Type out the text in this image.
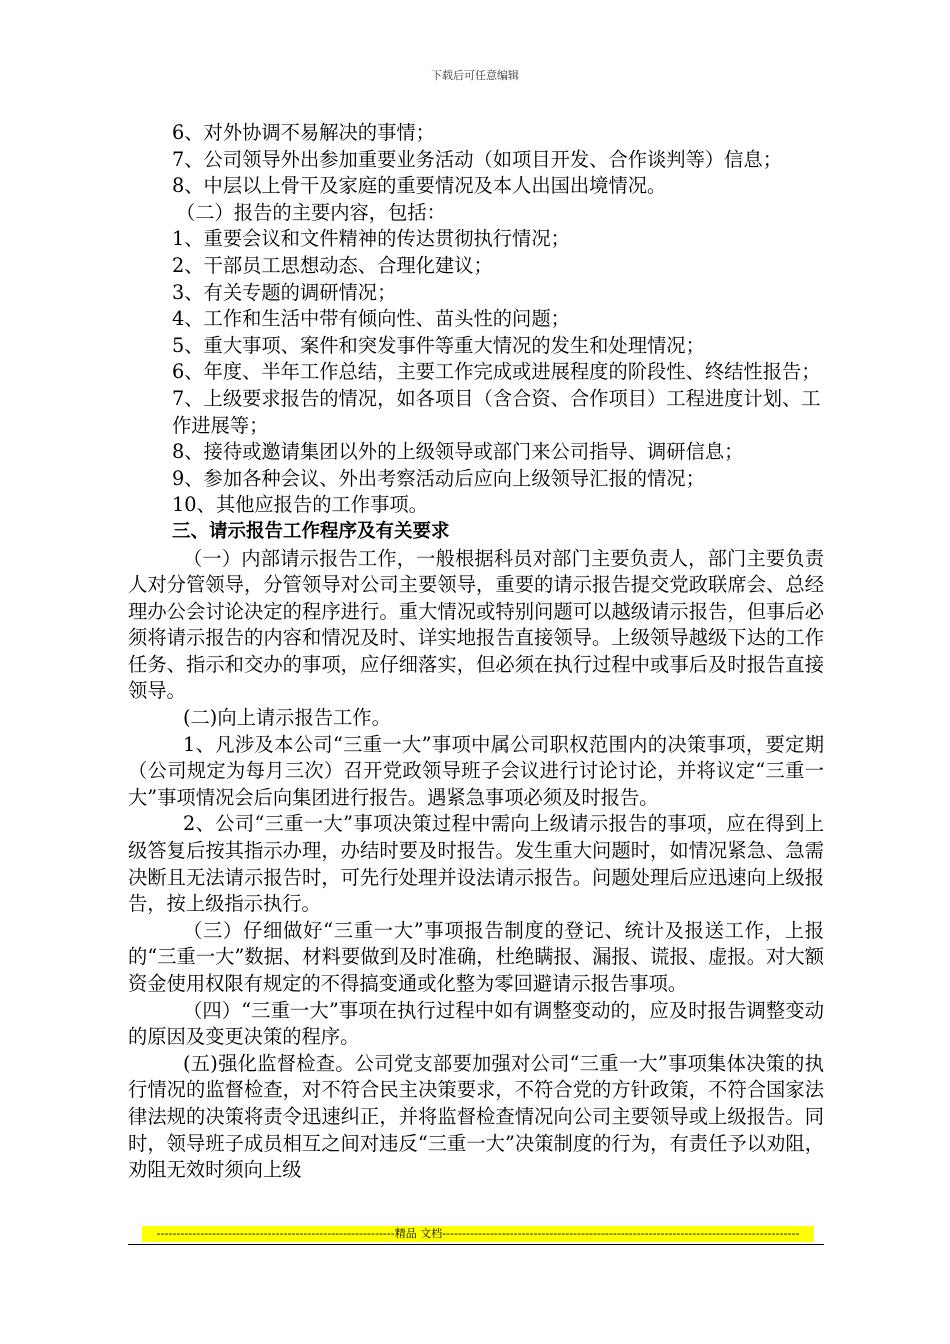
下载后可任意编辑
6、对外协调不易解决的事情；
7、公司领导外出参加重要业务活动（如项目开发、合作谈判等）信息；
8、中层以上骨干及家庭的重要情况及本人出国出境情况。
（二）报告的主要内容，包括：
1、重要会议和文件精神的传达贯彻执行情况；
2、干部员工思想动态、合理化建议；
3、有关专题的调研情况；
4、工作和生活中带有倾向性、苗头性的问题；
5、重大事项、案件和突发事件等重大情况的发生和处理情况；
6、年度、半年工作总结，主要工作完成或进展程度的阶段性、终结性报告；
7、上级要求报告的情况，如各项目（含合资、合作项目）工程进度计划、工作进展等；
8、接待或邀请集团以外的上级领导或部门来公司指导、调研信息；
9、参加各种会议、外出考察活动后应向上级领导汇报的情况；
10、其他应报告的工作事项。
三、请示报告工作程序及有关要求

（一）内部请示报告工作，一般根据科员对部门主要负责人，部门主要负责人对分管领导，分管领导对公司主要领导，重要的请示报告提交党政联席会、总经理办公会讨论决定的程序进行。重大情况或特别问题可以越级请示报告，但事后必须将请示报告的内容和情况及时、详实地报告直接领导。上级领导越级下达的工作任务、指示和交办的事项，应仔细落实，但必须在执行过程中或事后及时报告直接领导。

(二)向上请示报告工作。

1、凡涉及本公司“三重一大”事项中属公司职权范围内的决策事项，要定期（公司规定为每月三次）召开党政领导班子会议进行讨论讨论，并将议定“三重一大”事项情况会后向集团进行报告。遇紧急事项必须及时报告。

2、公司“三重一大”事项决策过程中需向上级请示报告的事项，应在得到上级答复后按其指示办理，办结时要及时报告。发生重大问题时，如情况紧急、急需决断且无法请示报告时，可先行处理并设法请示报告。问题处理后应迅速向上级报告，按上级指示执行。

（三）仔细做好“三重一大”事项报告制度的登记、统计及报送工作，上报的“三重一大”数据、材料要做到及时准确，杜绝瞒报、漏报、谎报、虚报。对大额资金使用权限有规定的不得搞变通或化整为零回避请示报告事项。

（四）“三重一大”事项在执行过程中如有调整变动的，应及时报告调整变动的原因及变更决策的程序。

(五)强化监督检查。公司党支部要加强对公司“三重一大”事项集体决策的执行情况的监督检查，对不符合民主决策要求，不符合党的方针政策，不符合国家法律法规的决策将责令迅速纠正，并将监督检查情况向公司主要领导或上级报告。同时，领导班子成员相互之间对违反“三重一大”决策制度的行为，有责任予以劝阻，劝阻无效时须向上级

------------------------------------------------------------精品 文档------------------------------------------------------------------------------------------
